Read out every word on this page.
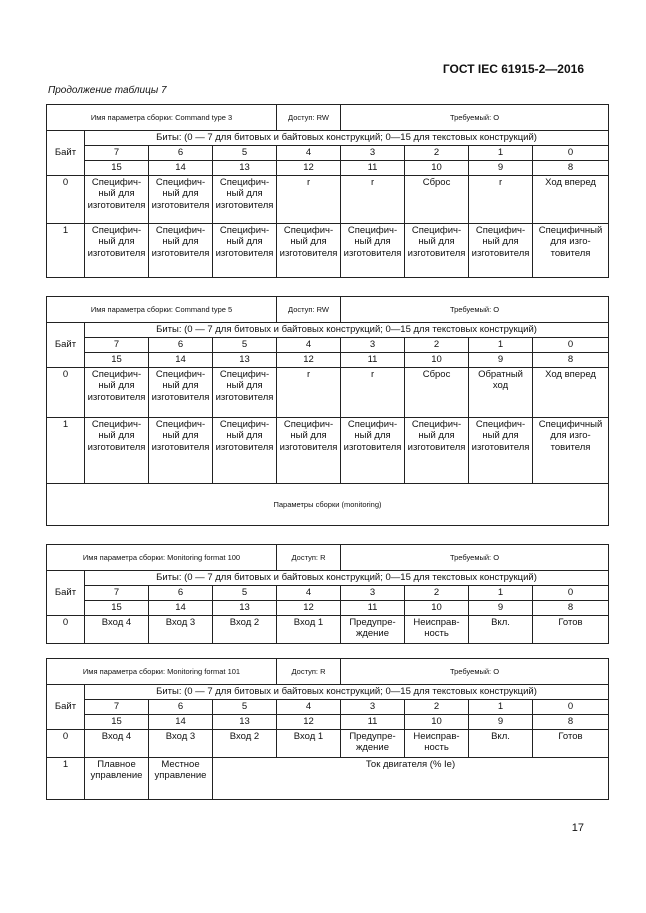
ГОСТ IEC 61915-2—2016
Продолжение таблицы 7
Имя параметра сборки: Command type 3				Доступ: RW	Требуемый: О			
Байт	Биты: (0 — 7 для битовых и байтовых конструкций; 0—15 для текстовых конструкций)							
	7	6	5	4	3	2	1	0
	15	14	13	12	11	10	9	8
0	Специфичный для изготовителя	Специфичный для изготовителя	Специфичный для изготовителя	r	r	Сброс	r	Ход вперед
1	Специфичный для изготовителя	Специфичный для изготовителя	Специфичный для изготовителя	Специфичный для изготовителя	Специфичный для изготовителя	Специфичный для изготовителя	Специфичный для изготовителя	Специфичный для изготовителя
Имя параметра сборки: Command type 5				Доступ: RW	Требуемый: О			
Байт	Биты: (0 — 7 для битовых и байтовых конструкций; 0—15 для текстовых конструкций)							
	7	6	5	4	3	2	1	0
	15	14	13	12	11	10	9	8
0	Специфичный для изготовителя	Специфичный для изготовителя	Специфичный для изготовителя	r	r	Сброс	Обратный ход	Ход вперед
1	Специфичный для изготовителя	Специфичный для изготовителя	Специфичный для изготовителя	Специфичный для изготовителя	Специфичный для изготовителя	Специфичный для изготовителя	Специфичный для изготовителя	Специфичный для изготовителя
Параметры сборки (monitoring)								
Имя параметра сборки: Monitoring format 100				Доступ: R	Требуемый: О			
Байт	Биты: (0 — 7 для битовых и байтовых конструкций; 0—15 для текстовых конструкций)							
	7	6	5	4	3	2	1	0
	15	14	13	12	11	10	9	8
0	Вход 4	Вход 3	Вход 2	Вход 1	Предупреждение	Неисправность	Вкл.	Готов
Имя параметра сборки: Monitoring format 101				Доступ: R	Требуемый: О			
Байт	Биты: (0 — 7 для битовых и байтовых конструкций; 0—15 для текстовых конструкций)							
	7	6	5	4	3	2	1	0
	15	14	13	12	11	10	9	8
0	Вход 4	Вход 3	Вход 2	Вход 1	Предупреждение	Неисправность	Вкл.	Готов
1	Плавное управление	Местное управление	Ток двигателя (% Ie)					
17
